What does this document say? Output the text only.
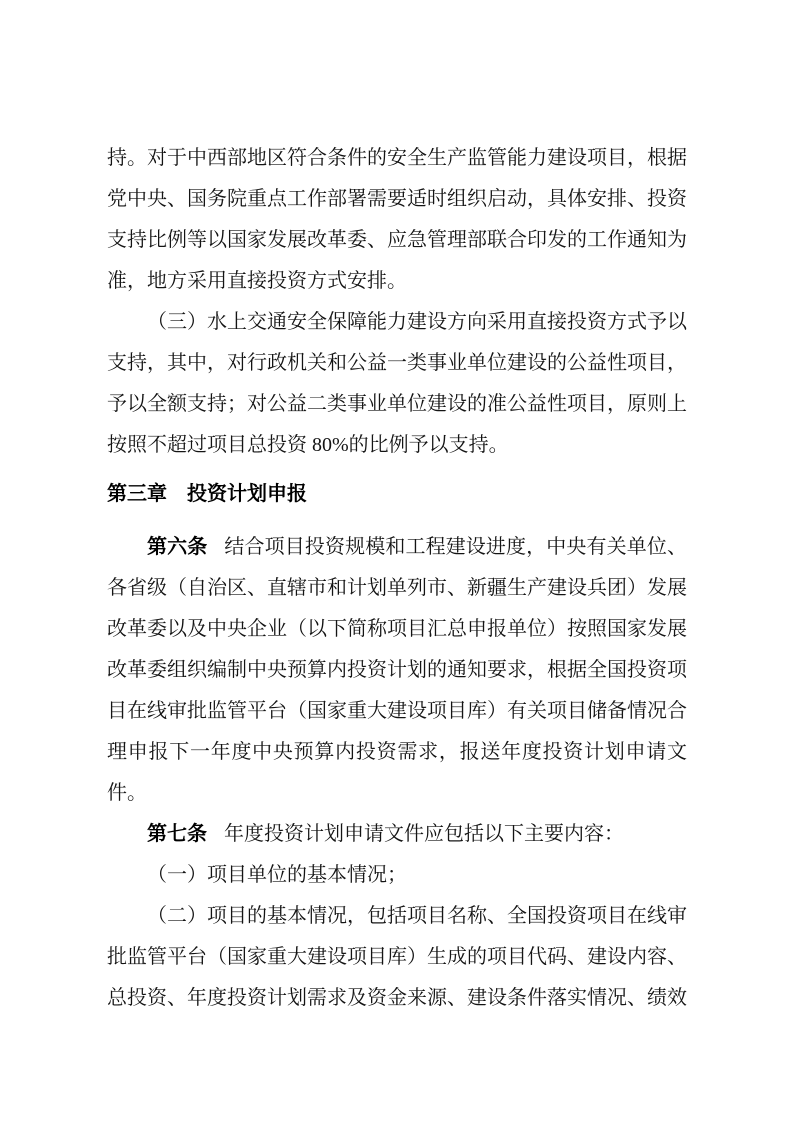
持。对于中西部地区符合条件的安全生产监管能力建设项目，根据党中央、国务院重点工作部署需要适时组织启动，具体安排、投资支持比例等以国家发展改革委、应急管理部联合印发的工作通知为准，地方采用直接投资方式安排。

（三）水上交通安全保障能力建设方向采用直接投资方式予以支持，其中，对行政机关和公益一类事业单位建设的公益性项目，予以全额支持；对公益二类事业单位建设的准公益性项目，原则上按照不超过项目总投资 80%的比例予以支持。

第三章　投资计划申报

第六条 结合项目投资规模和工程建设进度，中央有关单位、各省级（自治区、直辖市和计划单列市、新疆生产建设兵团）发展改革委以及中央企业（以下简称项目汇总申报单位）按照国家发展改革委组织编制中央预算内投资计划的通知要求，根据全国投资项目在线审批监管平台（国家重大建设项目库）有关项目储备情况合理申报下一年度中央预算内投资需求，报送年度投资计划申请文件。

第七条 年度投资计划申请文件应包括以下主要内容：

（一）项目单位的基本情况；

（二）项目的基本情况，包括项目名称、全国投资项目在线审批监管平台（国家重大建设项目库）生成的项目代码、建设内容、总投资、年度投资计划需求及资金来源、建设条件落实情况、绩效
